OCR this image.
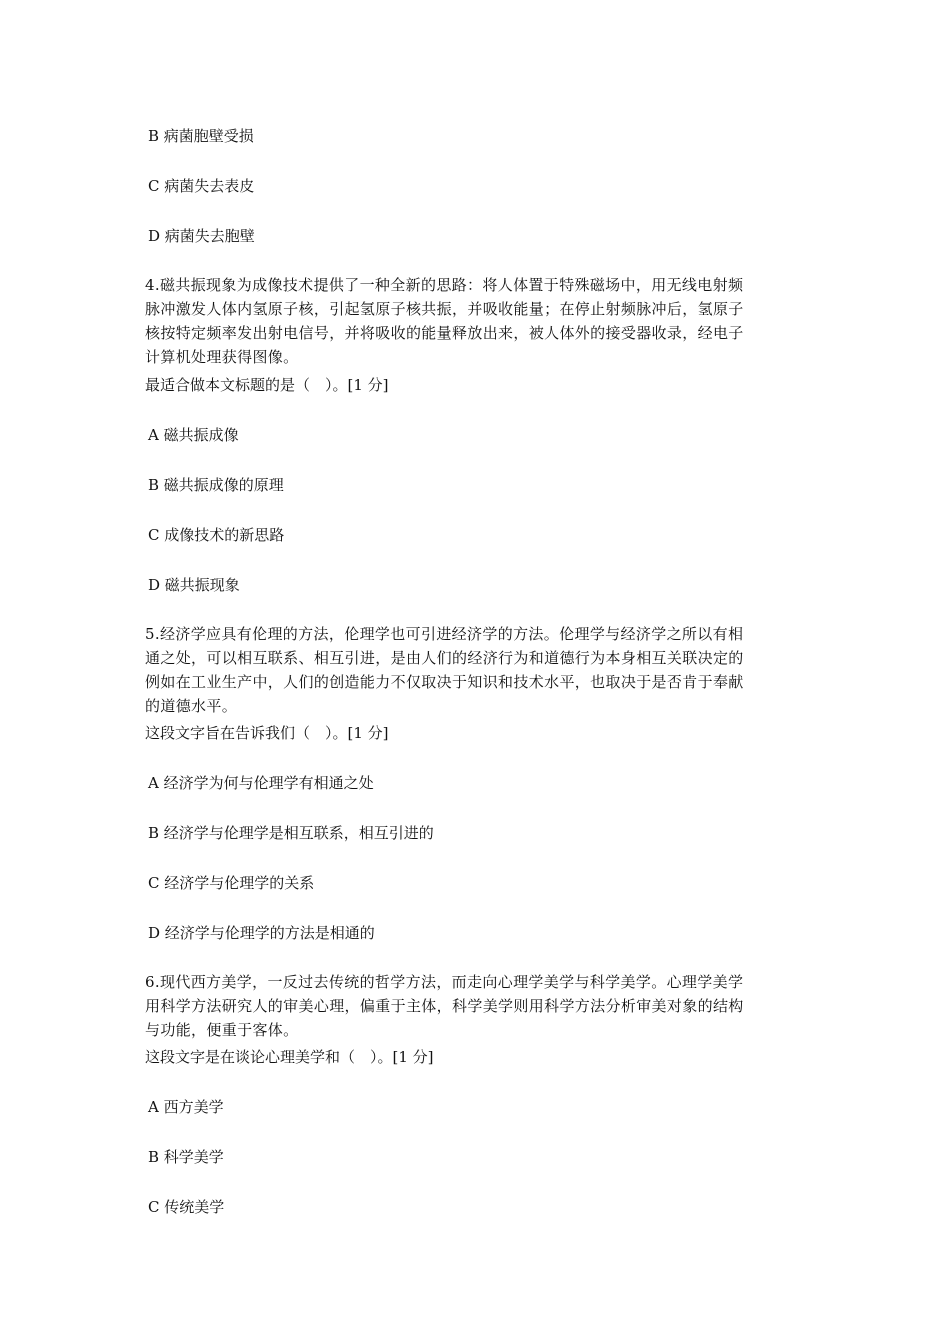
B 病菌胞壁受损
C 病菌失去表皮
D 病菌失去胞壁
4.磁共振现象为成像技术提供了一种全新的思路：将人体置于特殊磁场中，用无线电射频
脉冲激发人体内氢原子核，引起氢原子核共振，并吸收能量；在停止射频脉冲后，氢原子
核按特定频率发出射电信号，并将吸收的能量释放出来，被人体外的接受器收录，经电子
计算机处理获得图像。
最适合做本文标题的是（　）。[1 分]
A 磁共振成像
B 磁共振成像的原理
C 成像技术的新思路
D 磁共振现象
5.经济学应具有伦理的方法，伦理学也可引进经济学的方法。伦理学与经济学之所以有相
通之处，可以相互联系、相互引进，是由人们的经济行为和道德行为本身相互关联决定的
例如在工业生产中，人们的创造能力不仅取决于知识和技术水平，也取决于是否肯于奉献
的道德水平。
这段文字旨在告诉我们（　）。[1 分]
A 经济学为何与伦理学有相通之处
B 经济学与伦理学是相互联系，相互引进的
C 经济学与伦理学的关系
D 经济学与伦理学的方法是相通的
6.现代西方美学，一反过去传统的哲学方法，而走向心理学美学与科学美学。心理学美学
用科学方法研究人的审美心理，偏重于主体，科学美学则用科学方法分析审美对象的结构
与功能，便重于客体。
这段文字是在谈论心理美学和（　）。[1 分]
A 西方美学
B 科学美学
C 传统美学
